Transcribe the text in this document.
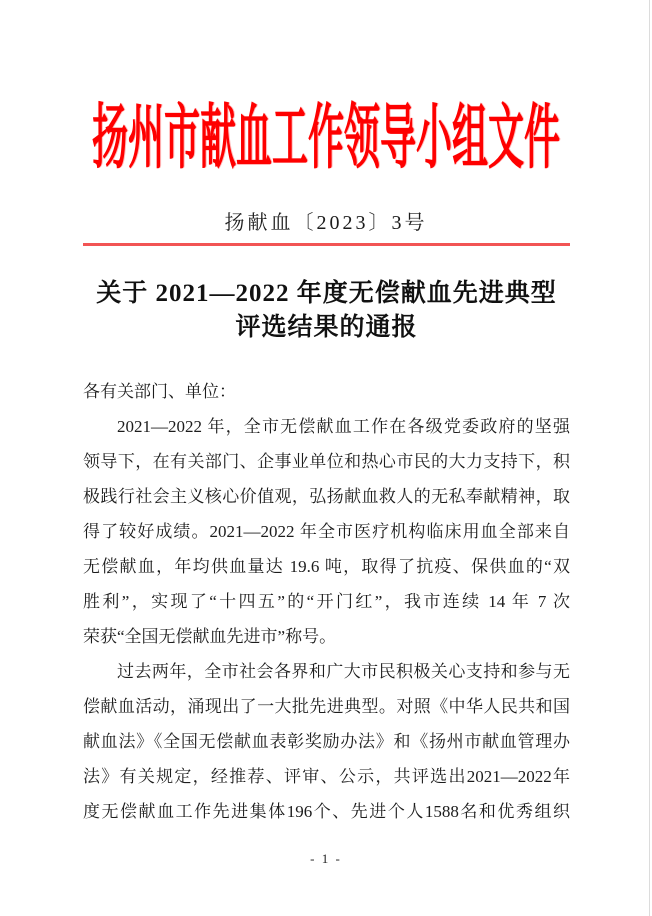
扬州市献血工作领导小组文件
扬献血〔2023〕3号
关于 2021—2022 年度无偿献血先进典型
评选结果的通报
各有关部门、单位：
2021—2022 年，全市无偿献血工作在各级党委政府的坚强
领导下，在有关部门、企事业单位和热心市民的大力支持下，积
极践行社会主义核心价值观，弘扬献血救人的无私奉献精神，取
得了较好成绩。2021—2022 年全市医疗机构临床用血全部来自
无偿献血，年均供血量达 19.6 吨，取得了抗疫、保供血的“双
胜利”，实现了“十四五”的“开门红”，我市连续 14 年 7 次
荣获“全国无偿献血先进市”称号。
过去两年，全市社会各界和广大市民积极关心支持和参与无
偿献血活动，涌现出了一大批先进典型。对照《中华人民共和国
献血法》《全国无偿献血表彰奖励办法》和《扬州市献血管理办
法》有关规定，经推荐、评审、公示，共评选出2021—2022年
度无偿献血工作先进集体196个、先进个人1588名和优秀组织
- 1 -
